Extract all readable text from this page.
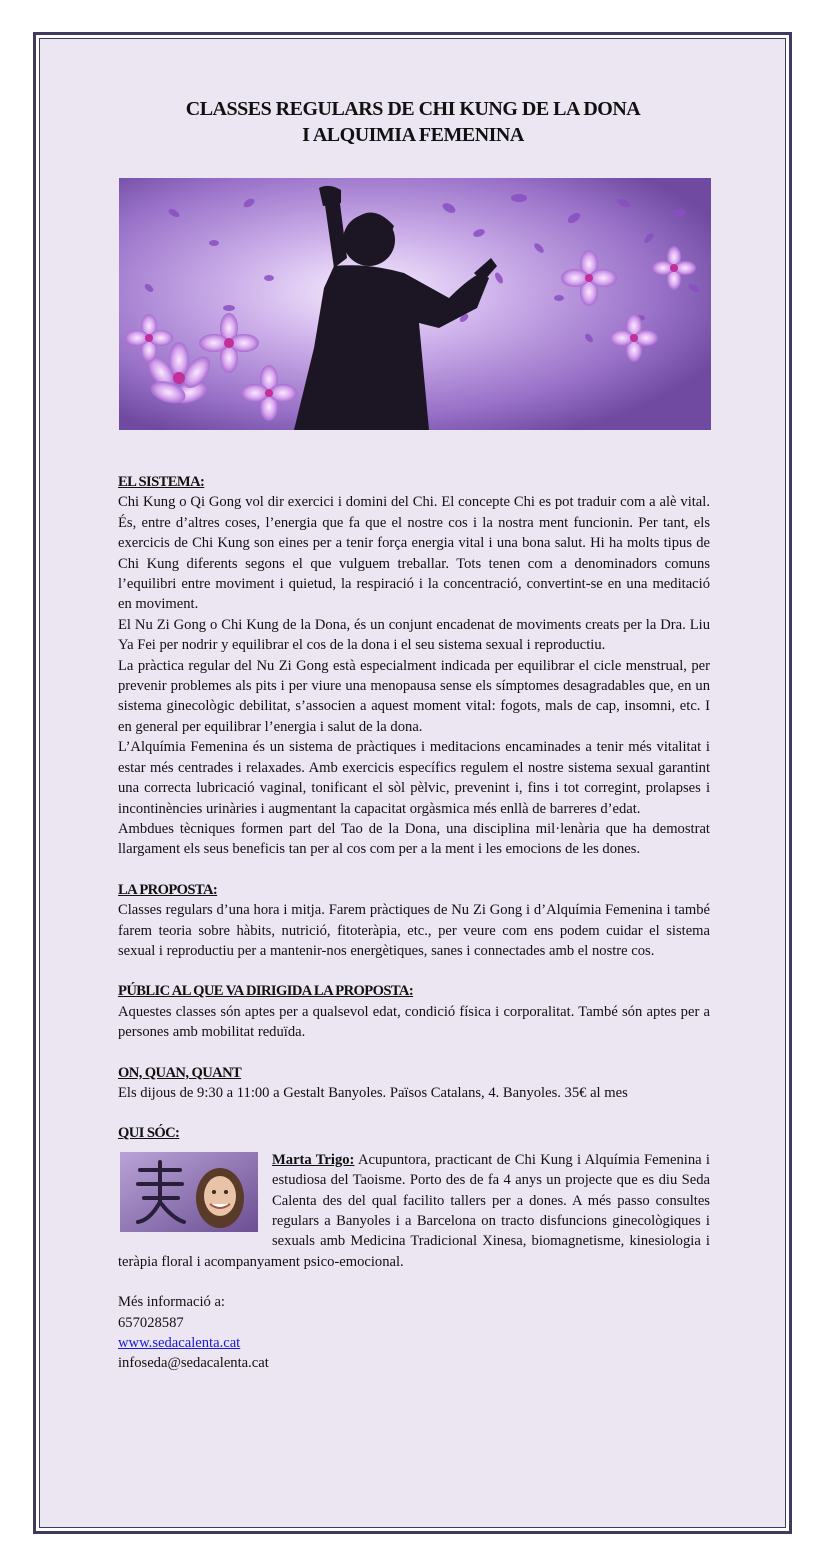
CLASSES REGULARS DE CHI KUNG DE LA DONA
I ALQUIMIA FEMENINA
EL SISTEMA:

Chi Kung o Qi Gong vol dir exercici i domini del Chi. El concepte Chi es pot traduir com a alè vital. És, entre d’altres coses, l’energia que fa que el nostre cos i la nostra ment funcionin. Per tant, els exercicis de Chi Kung son eines per a tenir força energia vital i una bona salut. Hi ha molts tipus de Chi Kung diferents segons el que vulguem treballar. Tots tenen com a denominadors comuns l’equilibri entre moviment i quietud, la respiració i la concentració, convertint-se en una meditació en moviment.

El Nu Zi Gong o Chi Kung de la Dona, és un conjunt encadenat de moviments creats per la Dra. Liu Ya Fei per nodrir y equilibrar el cos de la dona i el seu sistema sexual i reproductiu.

La pràctica regular del Nu Zi Gong està especialment indicada per equilibrar el cicle menstrual, per prevenir problemes als pits i per viure una menopausa sense els símptomes desagradables que, en un sistema ginecològic debilitat, s’associen a aquest moment vital: fogots, mals de cap, insomni, etc. I en general per equilibrar l’energia i salut de la dona.

L’Alquímia Femenina és un sistema de pràctiques i meditacions encaminades a tenir més vitalitat i estar més centrades i relaxades. Amb exercicis específics regulem el nostre sistema sexual garantint una correcta lubricació vaginal, tonificant el sòl pèlvic, prevenint i, fins i tot corregint, prolapses i incontinències urinàries i augmentant la capacitat orgàsmica més enllà de barreres d’edat.

Ambdues tècniques formen part del Tao de la Dona, una disciplina mil·lenària que ha demostrat llargament els seus beneficis tan per al cos com per a la ment i les emocions de les dones.

LA PROPOSTA:

Classes regulars d’una hora i mitja. Farem pràctiques de Nu Zi Gong i d’Alquímia Femenina i també farem teoria sobre hàbits, nutrició, fitoteràpia, etc., per veure com ens podem cuidar el sistema sexual i reproductiu per a mantenir-nos energètiques, sanes i connectades amb el nostre cos.

PÚBLIC AL QUE VA DIRIGIDA LA PROPOSTA:

Aquestes classes són aptes per a qualsevol edat, condició física i corporalitat. També són aptes per a persones amb mobilitat reduïda.

ON, QUAN, QUANT

Els dijous de 9:30 a 11:00 a Gestalt Banyoles. Països Catalans, 4. Banyoles. 35€ al mes

QUI SÓC:

Marta Trigo: Acupuntora, practicant de Chi Kung i Alquímia Femenina i estudiosa del Taoisme. Porto des de fa 4 anys un projecte que es diu Seda Calenta des del qual facilito tallers per a dones. A més passo consultes regulars a Banyoles i a Barcelona on tracto disfuncions ginecològiques i sexuals amb Medicina Tradicional Xinesa, biomagnetisme, kinesiologia i teràpia floral i acompanyament psico-emocional.

Més informació a:

657028587

www.sedacalenta.cat

infoseda@sedacalenta.cat
